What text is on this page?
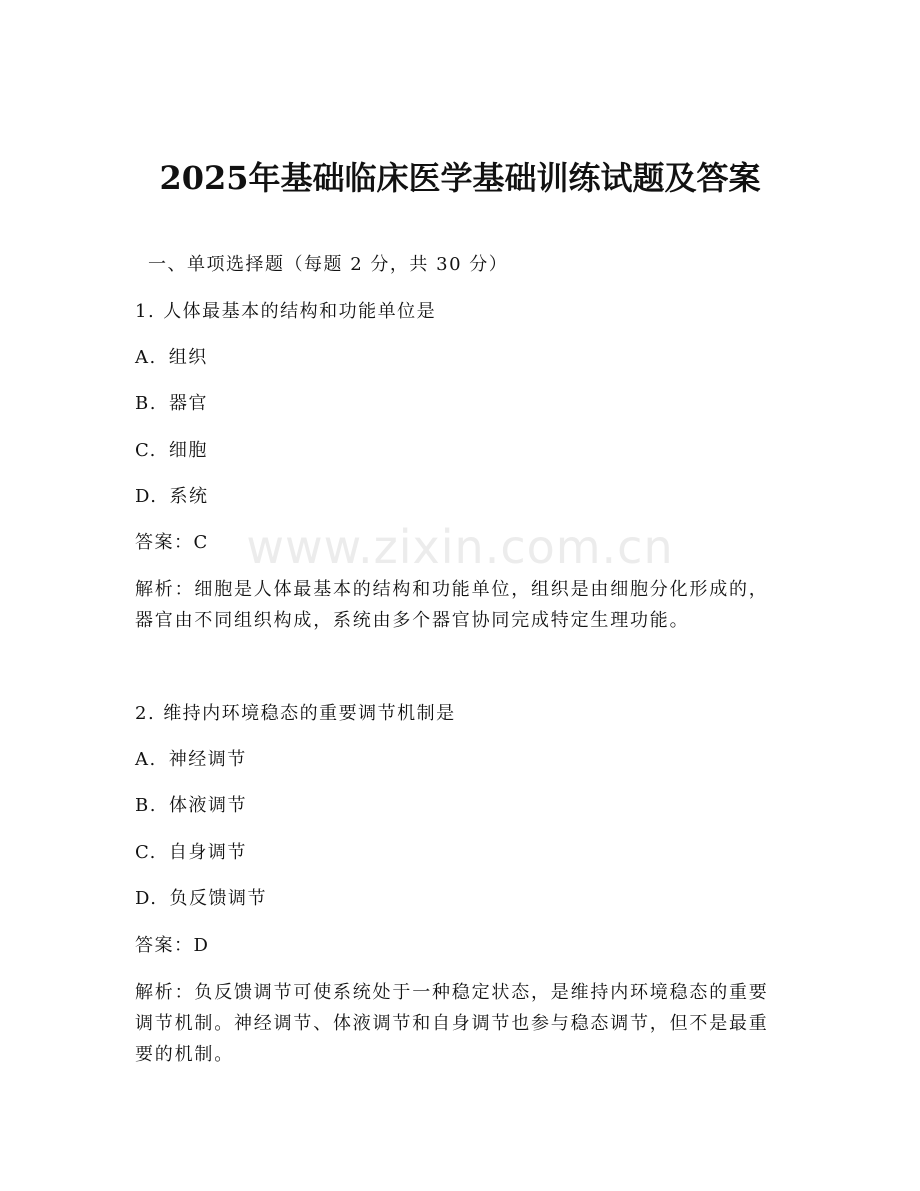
www.zixin.com.cn
2025年基础临床医学基础训练试题及答案
一、单项选择题（每题 2 分，共 30 分）
1. 人体最基本的结构和功能单位是
A. 组织
B. 器官
C. 细胞
D. 系统
答案：C

解析：细胞是人体最基本的结构和功能单位，组织是由细胞分化形成的，器官由不同组织构成，系统由多个器官协同完成特定生理功能。

2. 维持内环境稳态的重要调节机制是
A. 神经调节
B. 体液调节
C. 自身调节
D. 负反馈调节
答案：D

解析：负反馈调节可使系统处于一种稳定状态，是维持内环境稳态的重要调节机制。神经调节、体液调节和自身调节也参与稳态调节，但不是最重要的机制。
